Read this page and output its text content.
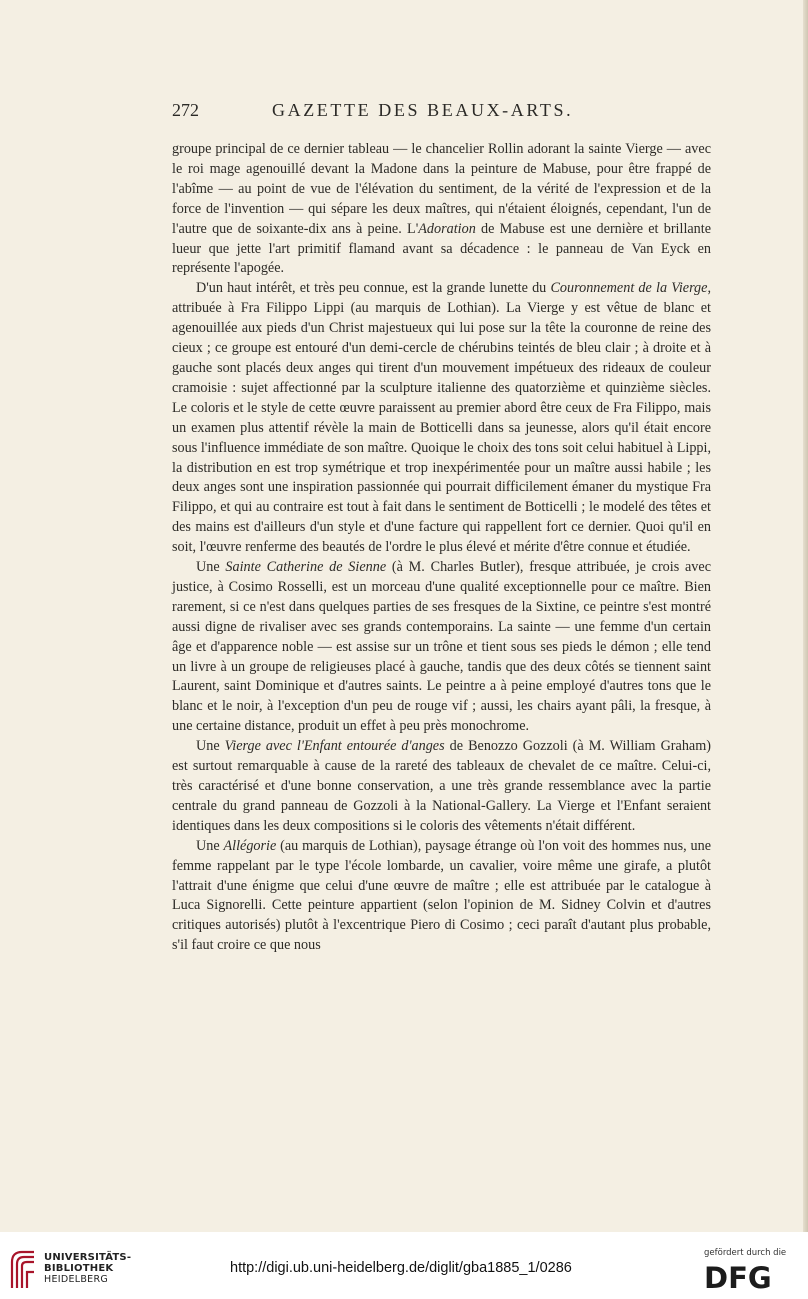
272	GAZETTE DES BEAUX-ARTS.

groupe principal de ce dernier tableau — le chancelier Rollin adorant la sainte Vierge — avec le roi mage agenouillé devant la Madone dans la peinture de Mabuse, pour être frappé de l'abîme — au point de vue de l'élévation du sentiment, de la vérité de l'expression et de la force de l'invention — qui sépare les deux maîtres, qui n'étaient éloignés, cependant, l'un de l'autre que de soixante-dix ans à peine. L'Adoration de Mabuse est une dernière et brillante lueur que jette l'art primitif flamand avant sa décadence : le panneau de Van Eyck en représente l'apogée.

D'un haut intérêt, et très peu connue, est la grande lunette du Couronnement de la Vierge, attribuée à Fra Filippo Lippi (au marquis de Lothian). La Vierge y est vêtue de blanc et agenouillée aux pieds d'un Christ majestueux qui lui pose sur la tête la couronne de reine des cieux ; ce groupe est entouré d'un demi-cercle de chérubins teintés de bleu clair ; à droite et à gauche sont placés deux anges qui tirent d'un mouvement impétueux des rideaux de couleur cramoisie : sujet affectionné par la sculpture italienne des quatorzième et quinzième siècles. Le coloris et le style de cette œuvre paraissent au premier abord être ceux de Fra Filippo, mais un examen plus attentif révèle la main de Botticelli dans sa jeunesse, alors qu'il était encore sous l'influence immédiate de son maître. Quoique le choix des tons soit celui habituel à Lippi, la distribution en est trop symétrique et trop inexpérimentée pour un maître aussi habile ; les deux anges sont une inspiration passionnée qui pourrait difficilement émaner du mystique Fra Filippo, et qui au contraire est tout à fait dans le sentiment de Botticelli ; le modelé des têtes et des mains est d'ailleurs d'un style et d'une facture qui rappellent fort ce dernier. Quoi qu'il en soit, l'œuvre renferme des beautés de l'ordre le plus élevé et mérite d'être connue et étudiée.

Une Sainte Catherine de Sienne (à M. Charles Butler), fresque attribuée, je crois avec justice, à Cosimo Rosselli, est un morceau d'une qualité exceptionnelle pour ce maître. Bien rarement, si ce n'est dans quelques parties de ses fresques de la Sixtine, ce peintre s'est montré aussi digne de rivaliser avec ses grands contemporains. La sainte — une femme d'un certain âge et d'apparence noble — est assise sur un trône et tient sous ses pieds le démon ; elle tend un livre à un groupe de religieuses placé à gauche, tandis que des deux côtés se tiennent saint Laurent, saint Dominique et d'autres saints. Le peintre a à peine employé d'autres tons que le blanc et le noir, à l'exception d'un peu de rouge vif ; aussi, les chairs ayant pâli, la fresque, à une certaine distance, produit un effet à peu près monochrome.

Une Vierge avec l'Enfant entourée d'anges de Benozzo Gozzoli (à M. William Graham) est surtout remarquable à cause de la rareté des tableaux de chevalet de ce maître. Celui-ci, très caractérisé et d'une bonne conservation, a une très grande ressemblance avec la partie centrale du grand panneau de Gozzoli à la National-Gallery. La Vierge et l'Enfant seraient identiques dans les deux compositions si le coloris des vêtements n'était différent.

Une Allégorie (au marquis de Lothian), paysage étrange où l'on voit des hommes nus, une femme rappelant par le type l'école lombarde, un cavalier, voire même une girafe, a plutôt l'attrait d'une énigme que celui d'une œuvre de maître ; elle est attribuée par le catalogue à Luca Signorelli. Cette peinture appartient (selon l'opinion de M. Sidney Colvin et d'autres critiques autorisés) plutôt à l'excentrique Piero di Cosimo ; ceci paraît d'autant plus probable, s'il faut croire ce que nous

UNIVERSITÄTS-
BIBLIOTHEK
HEIDELBERG
http://digi.ub.uni-heidelberg.de/diglit/gba1885_1/0286
gefördert durch die
DFG
